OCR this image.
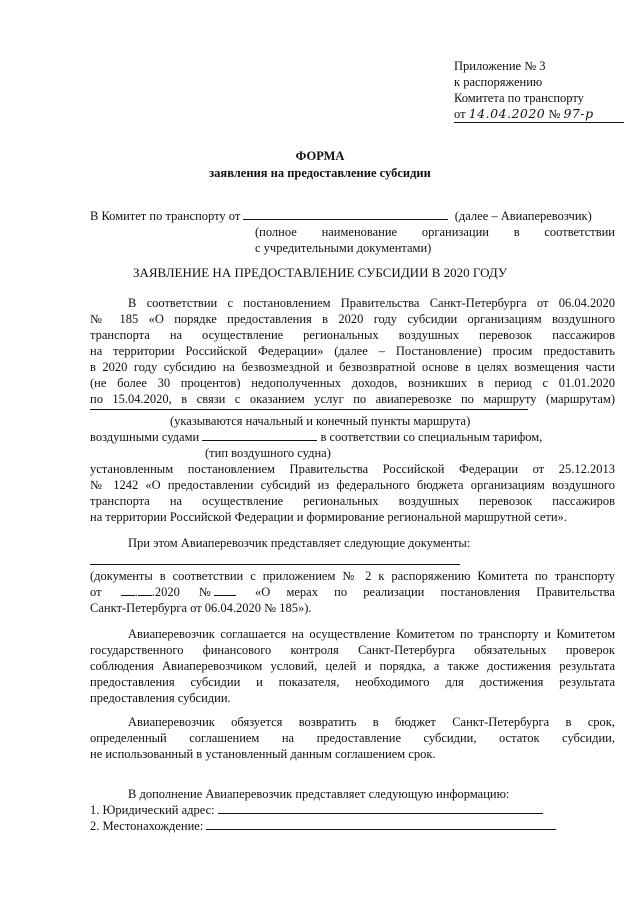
Приложение № 3
к распоряжению
Комитета по транспорту
от 14.04.2020 № 97-р
ФОРМА
заявления на предоставление субсидии
В Комитет по транспорту от	(далее – Авиаперевозчик)
(полное наименование организации в соответствии
с учредительными документами)
ЗАЯВЛЕНИЕ НА ПРЕДОСТАВЛЕНИЕ СУБСИДИИ В 2020 ГОДУ
В соответствии с постановлением Правительства Санкт-Петербурга от 06.04.2020
№ 185 «О порядке предоставления в 2020 году субсидии организациям воздушного
транспорта на осуществление региональных воздушных перевозок пассажиров
на территории Российской Федерации» (далее – Постановление) просим предоставить
в 2020 году субсидию на безвозмездной и безвозвратной основе в целях возмещения части
(не более 30 процентов) недополученных доходов, возникших в период с 01.01.2020
по 15.04.2020, в связи с оказанием услуг по авиаперевозке по маршруту (маршрутам)
(указываются начальный и конечный пункты маршрута)
воздушными судами	в соответствии со специальным тарифом,
(тип воздушного судна)
установленным постановлением Правительства Российской Федерации от 25.12.2013
№ 1242 «О предоставлении субсидий из федерального бюджета организациям воздушного
транспорта на осуществление региональных воздушных перевозок пассажиров
на территории Российской Федерации и формирование региональной маршрутной сети».
При этом Авиаперевозчик представляет следующие документы:
(документы в соответствии с приложением № 2 к распоряжению Комитета по транспорту
от	. .2020 №	«О мерах по реализации постановления Правительства
Санкт-Петербурга от 06.04.2020 № 185»).
Авиаперевозчик соглашается на осуществление Комитетом по транспорту и Комитетом
государственного финансового контроля Санкт-Петербурга обязательных проверок
соблюдения Авиаперевозчиком условий, целей и порядка, а также достижения результата
предоставления субсидии и показателя, необходимого для достижения результата
предоставления субсидии.
Авиаперевозчик обязуется возвратить в бюджет Санкт-Петербурга в срок,
определенный соглашением на предоставление субсидии, остаток субсидии,
не использованный в установленный данным соглашением срок.
В дополнение Авиаперевозчик представляет следующую информацию:
1. Юридический адрес:
2. Местонахождение:
